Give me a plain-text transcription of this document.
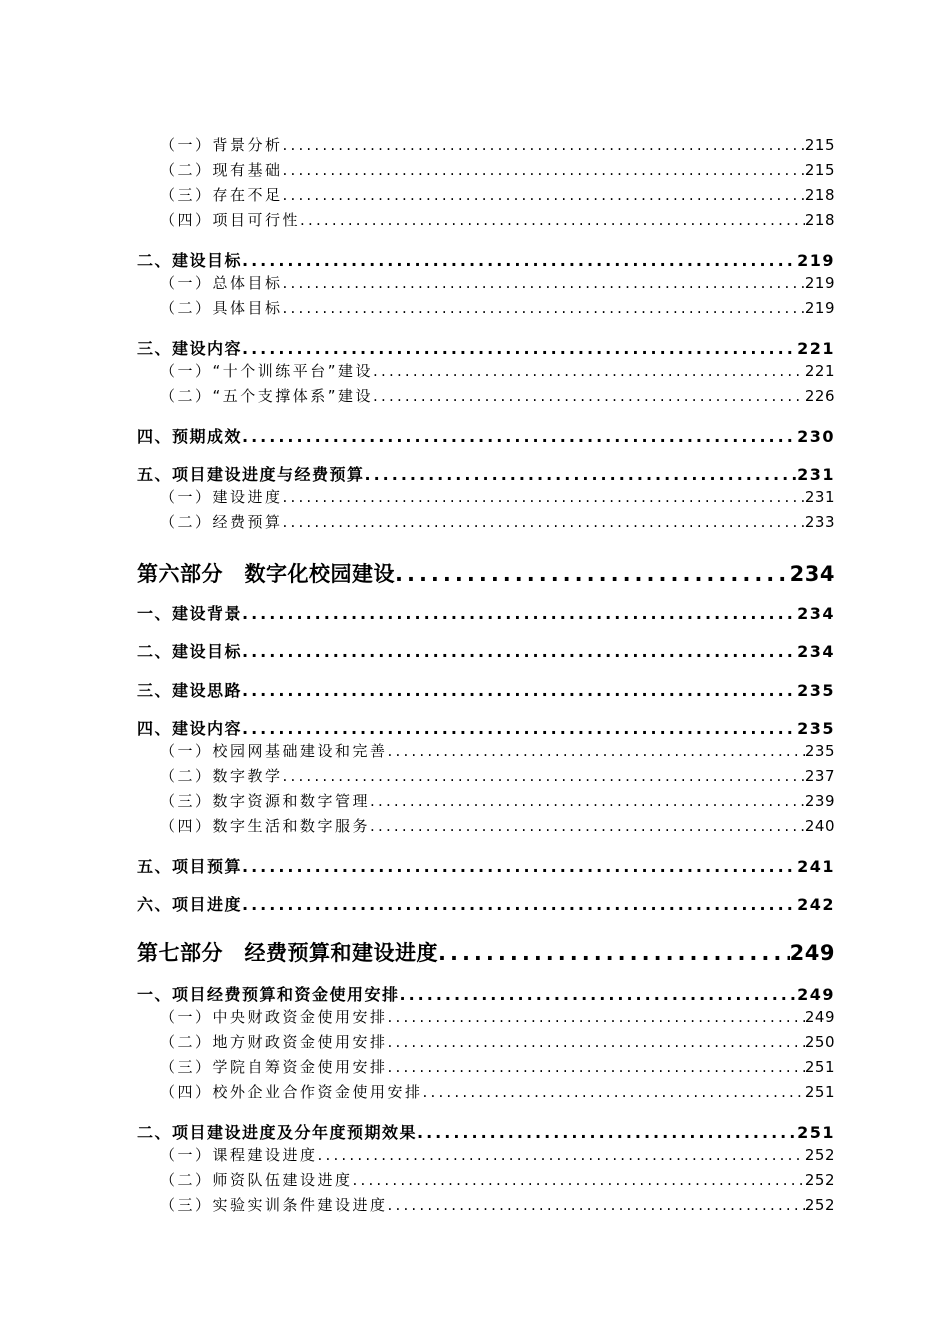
（一）背景分析 .....	215
（二）现有基础 .....	215
（三）存在不足 .....	218
（四）项目可行性 .....	218
二、建设目标 .....	219
（一）总体目标 .....	219
（二）具体目标 .....	219
三、建设内容 .....	221
（一）“十个训练平台”建设 .....	221
（二）“五个支撑体系”建设 .....	226
四、预期成效 .....	230
五、项目建设进度与经费预算 .....	231
（一）建设进度 .....	231
（二）经费预算 .....	233
第六部分　数字化校园建设 .....	234
一、建设背景 .....	234
二、建设目标 .....	234
三、建设思路 .....	235
四、建设内容 .....	235
（一）校园网基础建设和完善 .....	235
（二）数字教学 .....	237
（三）数字资源和数字管理 .....	239
（四）数字生活和数字服务 .....	240
五、项目预算 .....	241
六、项目进度 .....	242
第七部分　经费预算和建设进度 .....	249
一、项目经费预算和资金使用安排 .....	249
（一）中央财政资金使用安排 .....	249
（二）地方财政资金使用安排 .....	250
（三）学院自筹资金使用安排 .....	251
（四）校外企业合作资金使用安排 .....	251
二、项目建设进度及分年度预期效果 .....	251
（一）课程建设进度 .....	252
（二）师资队伍建设进度 .....	252
（三）实验实训条件建设进度 .....	252
